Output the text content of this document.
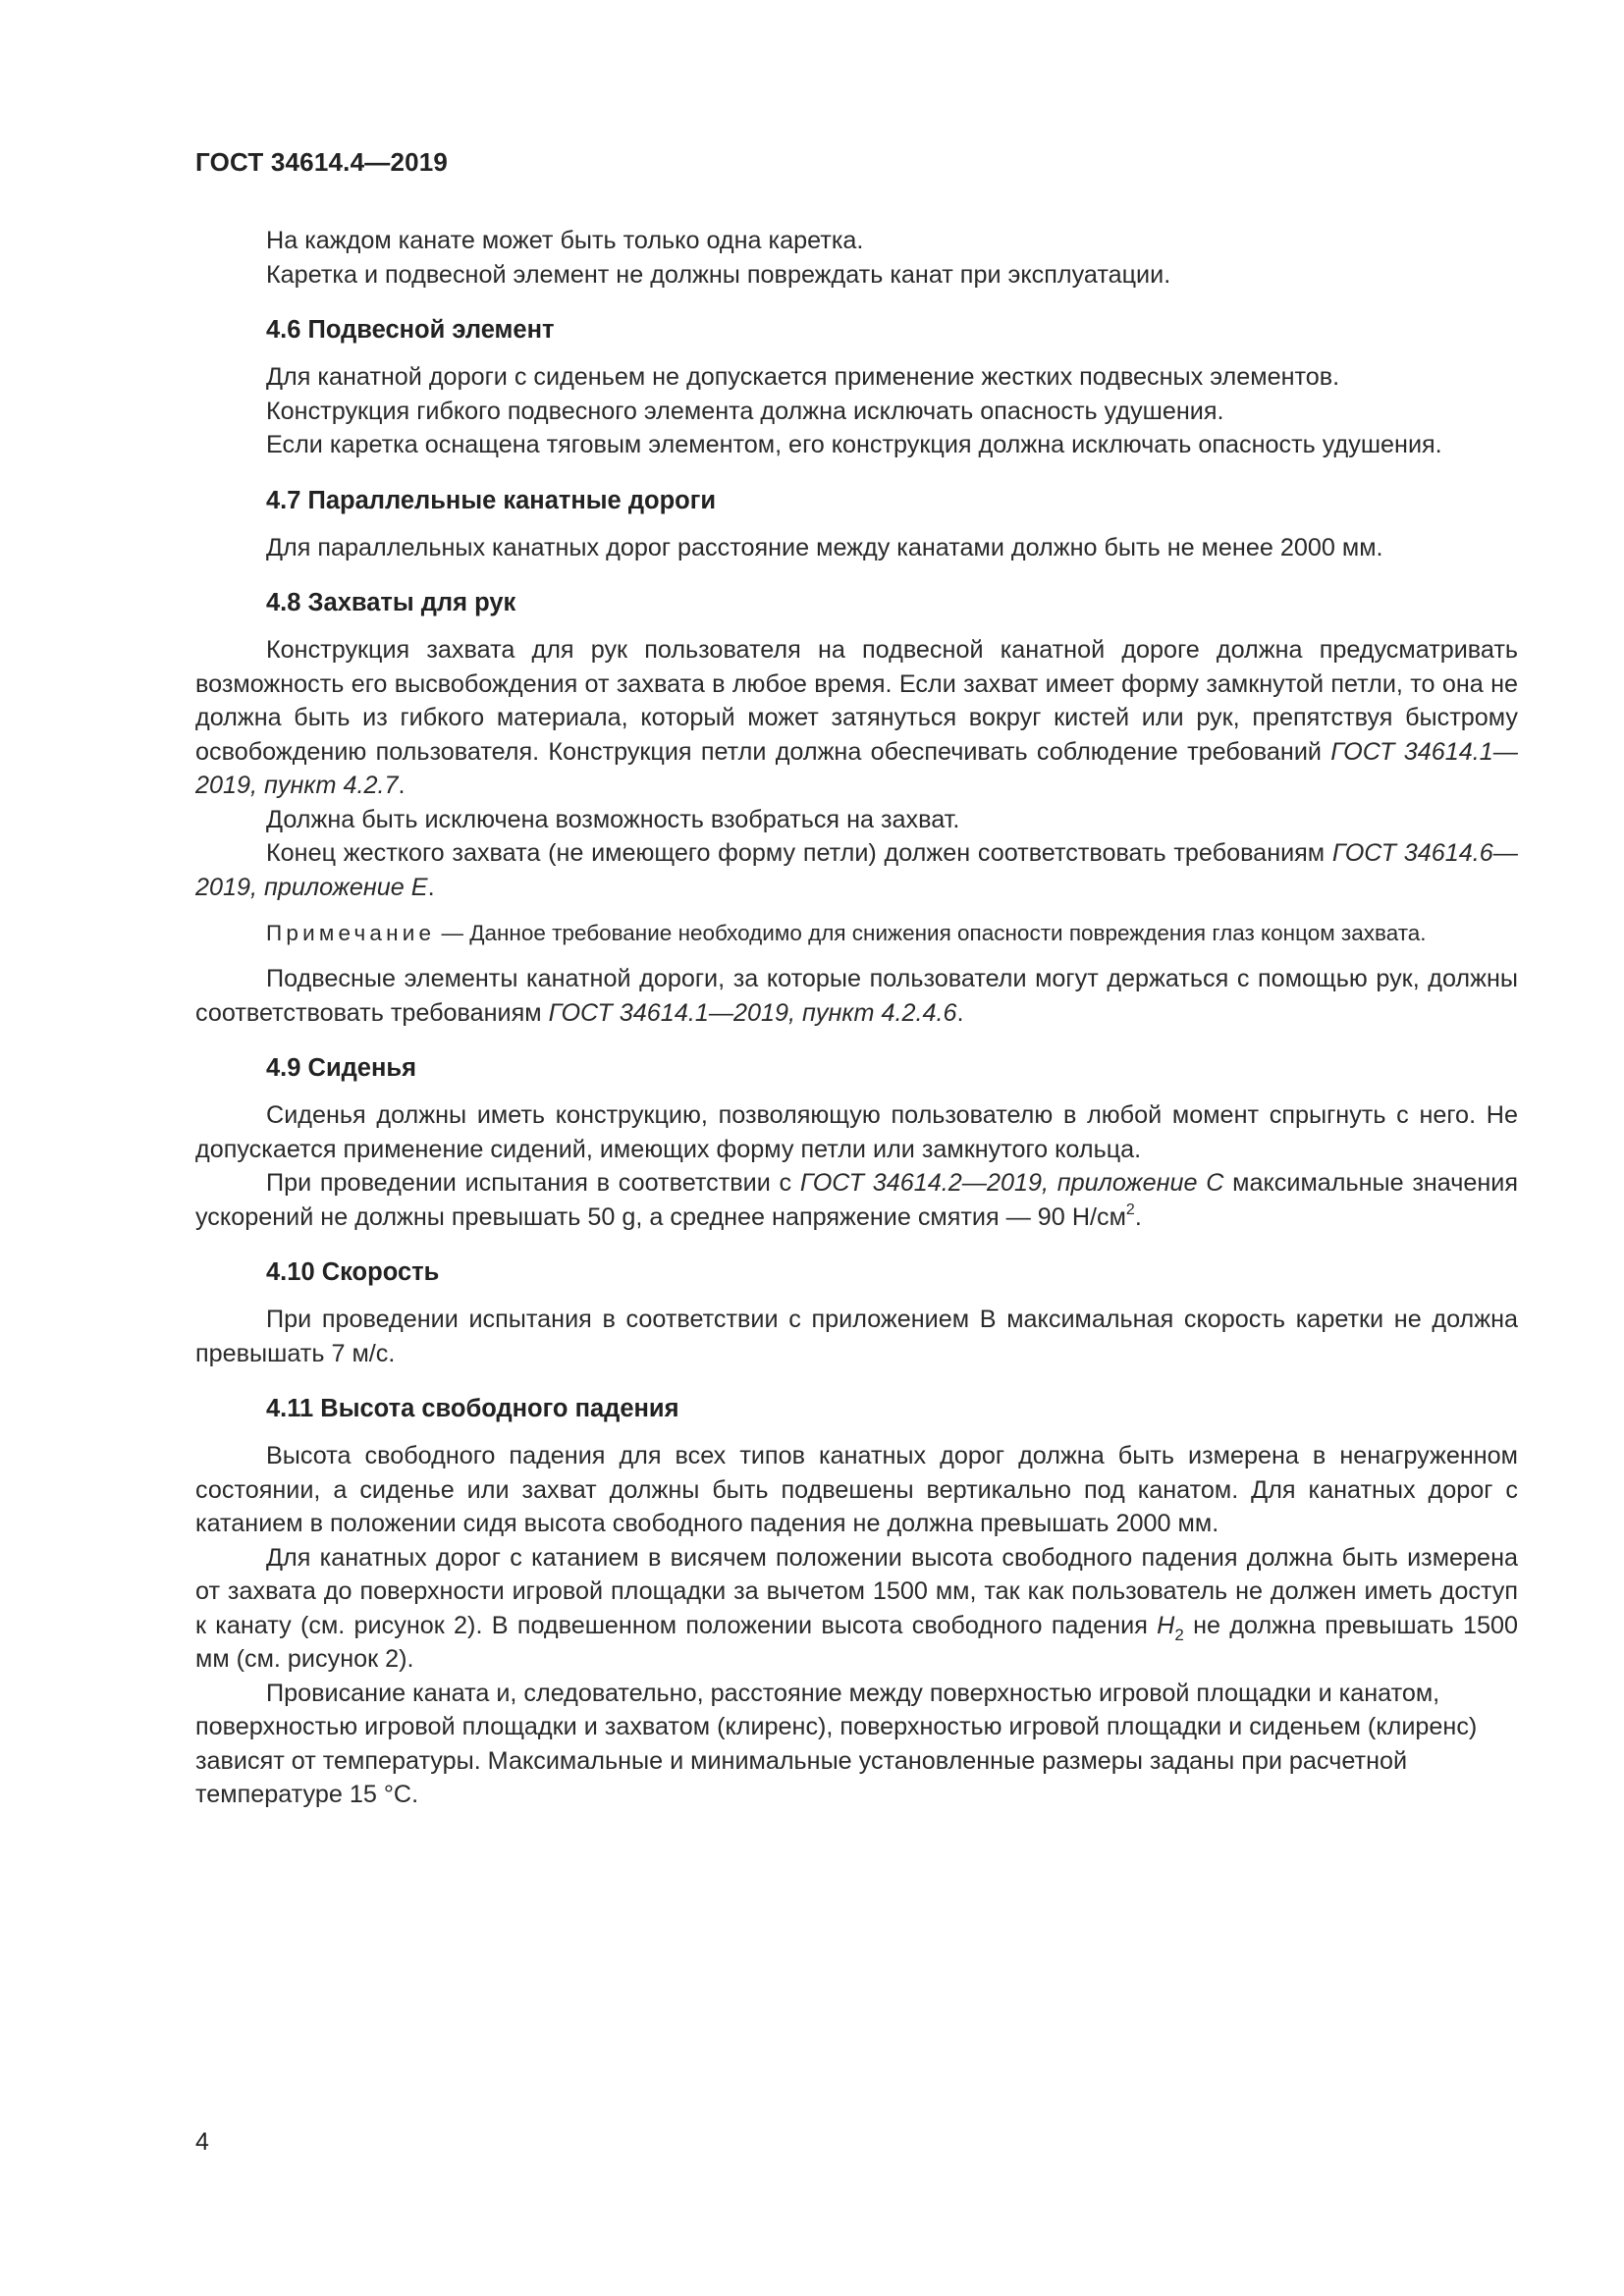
ГОСТ 34614.4—2019

На каждом канате может быть только одна каретка.

Каретка и подвесной элемент не должны повреждать канат при эксплуатации.

4.6 Подвесной элемент

Для канатной дороги с сиденьем не допускается применение жестких подвесных элементов.

Конструкция гибкого подвесного элемента должна исключать опасность удушения.

Если каретка оснащена тяговым элементом, его конструкция должна исключать опасность удушения.

4.7 Параллельные канатные дороги

Для параллельных канатных дорог расстояние между канатами должно быть не менее 2000 мм.

4.8 Захваты для рук

Конструкция захвата для рук пользователя на подвесной канатной дороге должна предусматривать возможность его высвобождения от захвата в любое время. Если захват имеет форму замкнутой петли, то она не должна быть из гибкого материала, который может затянуться вокруг кистей или рук, препятствуя быстрому освобождению пользователя. Конструкция петли должна обеспечивать соблюдение требований ГОСТ 34614.1—2019, пункт 4.2.7.

Должна быть исключена возможность взобраться на захват.

Конец жесткого захвата (не имеющего форму петли) должен соответствовать требованиям ГОСТ 34614.6—2019, приложение Е.

Примечание — Данное требование необходимо для снижения опасности повреждения глаз концом захвата.

Подвесные элементы канатной дороги, за которые пользователи могут держаться с помощью рук, должны соответствовать требованиям ГОСТ 34614.1—2019, пункт 4.2.4.6.

4.9 Сиденья

Сиденья должны иметь конструкцию, позволяющую пользователю в любой момент спрыгнуть с него. Не допускается применение сидений, имеющих форму петли или замкнутого кольца.

При проведении испытания в соответствии с ГОСТ 34614.2—2019, приложение С максимальные значения ускорений не должны превышать 50 g, а среднее напряжение смятия — 90 $Н/см^2$.

4.10 Скорость

При проведении испытания в соответствии с приложением В максимальная скорость каретки не должна превышать 7 м/с.

4.11 Высота свободного падения

Высота свободного падения для всех типов канатных дорог должна быть измерена в ненагруженном состоянии, а сиденье или захват должны быть подвешены вертикально под канатом. Для канатных дорог с катанием в положении сидя высота свободного падения не должна превышать 2000 мм.

Для канатных дорог с катанием в висячем положении высота свободного падения должна быть измерена от захвата до поверхности игровой площадки за вычетом 1500 мм, так как пользователь не должен иметь доступ к канату (см. рисунок 2). В подвешенном положении высота свободного падения $H_2$ не должна превышать 1500 мм (см. рисунок 2).

Провисание каната и, следовательно, расстояние между поверхностью игровой площадки и канатом, поверхностью игровой площадки и захватом (клиренс), поверхностью игровой площадки и сиденьем (клиренс) зависят от температуры. Максимальные и минимальные установленные размеры заданы при расчетной температуре 15 °С.

4
